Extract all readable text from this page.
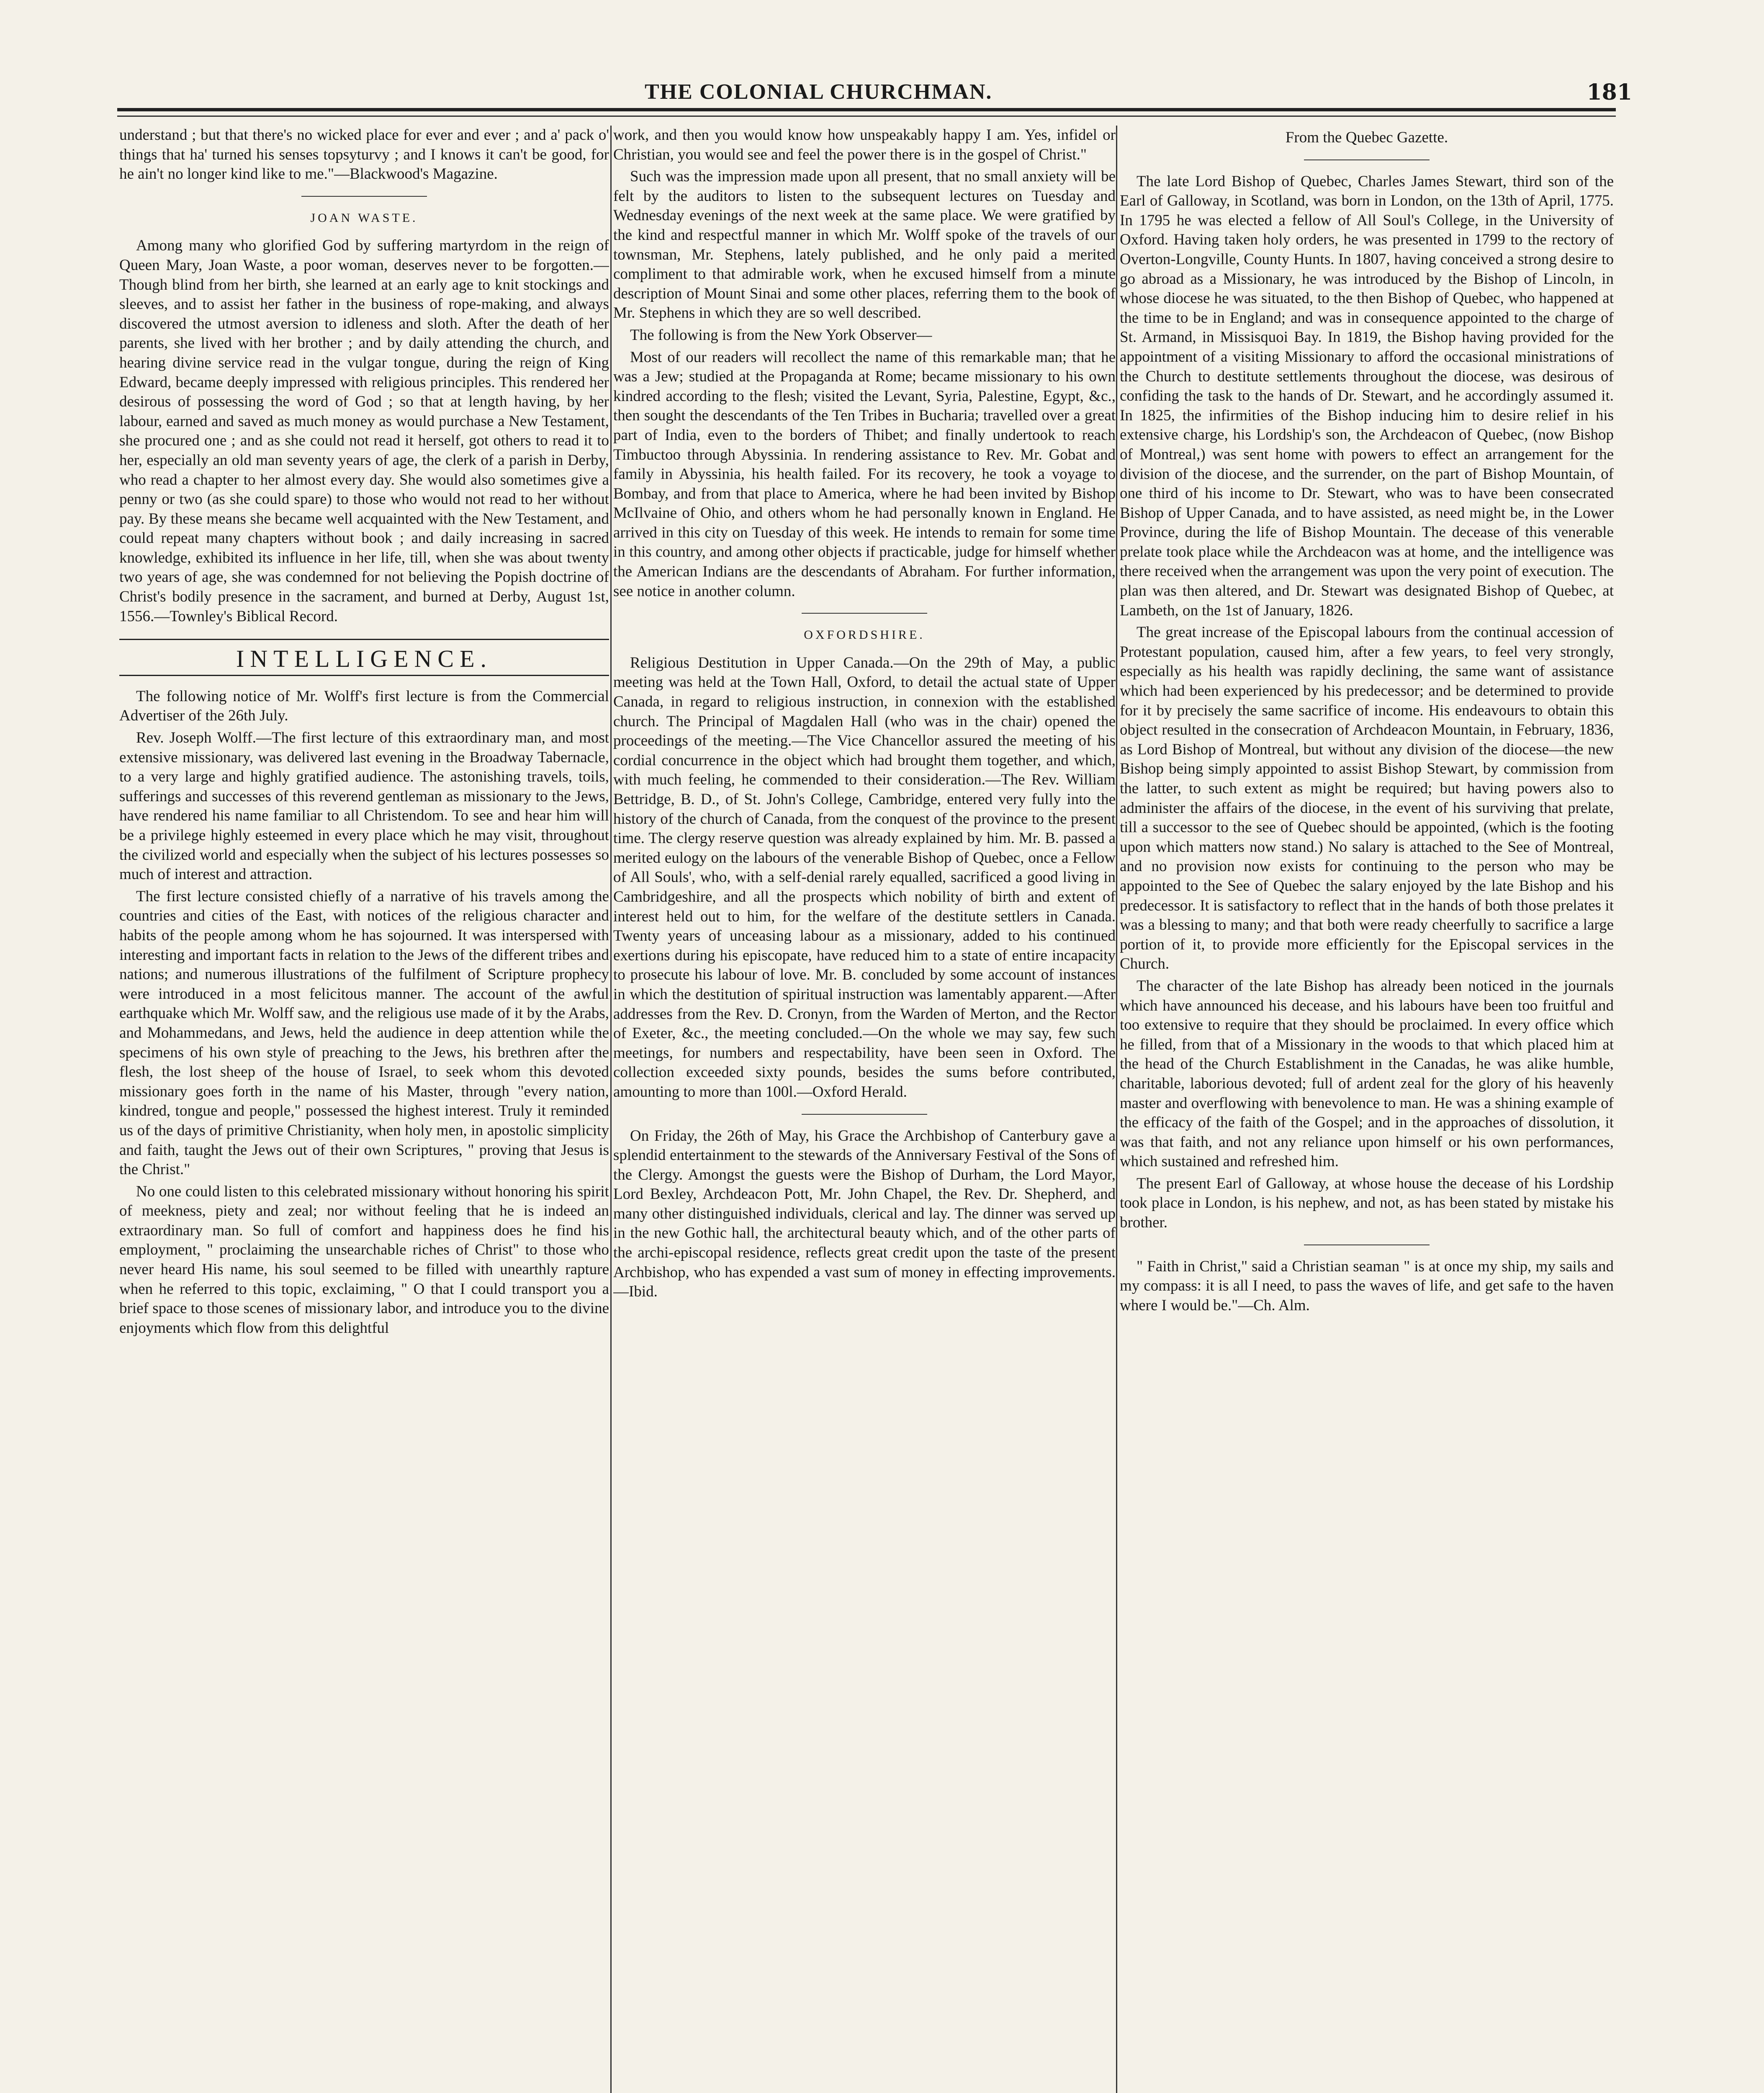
THE COLONIAL CHURCHMAN.	181

understand ; but that there's no wicked place for ever and ever ; and a' pack o' things that ha' turned his senses topsyturvy ; and I knows it can't be good, for he ain't no longer kind like to me."—Blackwood's Magazine.

JOAN WASTE.

Among many who glorified God by suffering martyrdom in the reign of Queen Mary, Joan Waste, a poor woman, deserves never to be forgotten.—Though blind from her birth, she learned at an early age to knit stockings and sleeves, and to assist her father in the business of rope-making, and always discovered the utmost aversion to idleness and sloth. After the death of her parents, she lived with her brother ; and by daily attending the church, and hearing divine service read in the vulgar tongue, during the reign of King Edward, became deeply impressed with religious principles. This rendered her desirous of possessing the word of God ; so that at length having, by her labour, earned and saved as much money as would purchase a New Testament, she procured one ; and as she could not read it herself, got others to read it to her, especially an old man seventy years of age, the clerk of a parish in Derby, who read a chapter to her almost every day. She would also sometimes give a penny or two (as she could spare) to those who would not read to her without pay. By these means she became well acquainted with the New Testament, and could repeat many chapters without book ; and daily increasing in sacred knowledge, exhibited its influence in her life, till, when she was about twenty two years of age, she was condemned for not believing the Popish doctrine of Christ's bodily presence in the sacrament, and burned at Derby, August 1st, 1556.—Townley's Biblical Record.

INTELLIGENCE.

The following notice of Mr. Wolff's first lecture is from the Commercial Advertiser of the 26th July.

Rev. Joseph Wolff.—The first lecture of this extraordinary man, and most extensive missionary, was delivered last evening in the Broadway Tabernacle, to a very large and highly gratified audience. The astonishing travels, toils, sufferings and successes of this reverend gentleman as missionary to the Jews, have rendered his name familiar to all Christendom. To see and hear him will be a privilege highly esteemed in every place which he may visit, throughout the civilized world and especially when the subject of his lectures possesses so much of interest and attraction.

The first lecture consisted chiefly of a narrative of his travels among the countries and cities of the East, with notices of the religious character and habits of the people among whom he has sojourned. It was interspersed with interesting and important facts in relation to the Jews of the different tribes and nations; and numerous illustrations of the fulfilment of Scripture prophecy were introduced in a most felicitous manner. The account of the awful earthquake which Mr. Wolff saw, and the religious use made of it by the Arabs, and Mohammedans, and Jews, held the audience in deep attention while the specimens of his own style of preaching to the Jews, his brethren after the flesh, the lost sheep of the house of Israel, to seek whom this devoted missionary goes forth in the name of his Master, through "every nation, kindred, tongue and people," possessed the highest interest. Truly it reminded us of the days of primitive Christianity, when holy men, in apostolic simplicity and faith, taught the Jews out of their own Scriptures, " proving that Jesus is the Christ."

No one could listen to this celebrated missionary without honoring his spirit of meekness, piety and zeal; nor without feeling that he is indeed an extraordinary man. So full of comfort and happiness does he find his employment, " proclaiming the unsearchable riches of Christ" to those who never heard His name, his soul seemed to be filled with unearthly rapture when he referred to this topic, exclaiming, " O that I could transport you a brief space to those scenes of missionary labor, and introduce you to the divine enjoyments which flow from this delightful

work, and then you would know how unspeakably happy I am. Yes, infidel or Christian, you would see and feel the power there is in the gospel of Christ."

Such was the impression made upon all present, that no small anxiety will be felt by the auditors to listen to the subsequent lectures on Tuesday and Wednesday evenings of the next week at the same place. We were gratified by the kind and respectful manner in which Mr. Wolff spoke of the travels of our townsman, Mr. Stephens, lately published, and he only paid a merited compliment to that admirable work, when he excused himself from a minute description of Mount Sinai and some other places, referring them to the book of Mr. Stephens in which they are so well described.

The following is from the New York Observer—

Most of our readers will recollect the name of this remarkable man; that he was a Jew; studied at the Propaganda at Rome; became missionary to his own kindred according to the flesh; visited the Levant, Syria, Palestine, Egypt, &c., then sought the descendants of the Ten Tribes in Bucharia; travelled over a great part of India, even to the borders of Thibet; and finally undertook to reach Timbuctoo through Abyssinia. In rendering assistance to Rev. Mr. Gobat and family in Abyssinia, his health failed. For its recovery, he took a voyage to Bombay, and from that place to America, where he had been invited by Bishop McIlvaine of Ohio, and others whom he had personally known in England. He arrived in this city on Tuesday of this week. He intends to remain for some time in this country, and among other objects if practicable, judge for himself whether the American Indians are the descendants of Abraham. For further information, see notice in another column.

OXFORDSHIRE.

Religious Destitution in Upper Canada.—On the 29th of May, a public meeting was held at the Town Hall, Oxford, to detail the actual state of Upper Canada, in regard to religious instruction, in connexion with the established church. The Principal of Magdalen Hall (who was in the chair) opened the proceedings of the meeting.—The Vice Chancellor assured the meeting of his cordial concurrence in the object which had brought them together, and which, with much feeling, he commended to their consideration.—The Rev. William Bettridge, B. D., of St. John's College, Cambridge, entered very fully into the history of the church of Canada, from the conquest of the province to the present time. The clergy reserve question was already explained by him. Mr. B. passed a merited eulogy on the labours of the venerable Bishop of Quebec, once a Fellow of All Souls', who, with a self-denial rarely equalled, sacrificed a good living in Cambridgeshire, and all the prospects which nobility of birth and extent of interest held out to him, for the welfare of the destitute settlers in Canada. Twenty years of unceasing labour as a missionary, added to his continued exertions during his episcopate, have reduced him to a state of entire incapacity to prosecute his labour of love. Mr. B. concluded by some account of instances in which the destitution of spiritual instruction was lamentably apparent.—After addresses from the Rev. D. Cronyn, from the Warden of Merton, and the Rector of Exeter, &c., the meeting concluded.—On the whole we may say, few such meetings, for numbers and respectability, have been seen in Oxford. The collection exceeded sixty pounds, besides the sums before contributed, amounting to more than 100l.—Oxford Herald.

On Friday, the 26th of May, his Grace the Archbishop of Canterbury gave a splendid entertainment to the stewards of the Anniversary Festival of the Sons of the Clergy. Amongst the guests were the Bishop of Durham, the Lord Mayor, Lord Bexley, Archdeacon Pott, Mr. John Chapel, the Rev. Dr. Shepherd, and many other distinguished individuals, clerical and lay. The dinner was served up in the new Gothic hall, the architectural beauty which, and of the other parts of the archi-episcopal residence, reflects great credit upon the taste of the present Archbishop, who has expended a vast sum of money in effecting improvements.—Ibid.

From the Quebec Gazette.

The late Lord Bishop of Quebec, Charles James Stewart, third son of the Earl of Galloway, in Scotland, was born in London, on the 13th of April, 1775. In 1795 he was elected a fellow of All Soul's College, in the University of Oxford. Having taken holy orders, he was presented in 1799 to the rectory of Overton-Longville, County Hunts. In 1807, having conceived a strong desire to go abroad as a Missionary, he was introduced by the Bishop of Lincoln, in whose diocese he was situated, to the then Bishop of Quebec, who happened at the time to be in England; and was in consequence appointed to the charge of St. Armand, in Missisquoi Bay. In 1819, the Bishop having provided for the appointment of a visiting Missionary to afford the occasional ministrations of the Church to destitute settlements throughout the diocese, was desirous of confiding the task to the hands of Dr. Stewart, and he accordingly assumed it. In 1825, the infirmities of the Bishop inducing him to desire relief in his extensive charge, his Lordship's son, the Archdeacon of Quebec, (now Bishop of Montreal,) was sent home with powers to effect an arrangement for the division of the diocese, and the surrender, on the part of Bishop Mountain, of one third of his income to Dr. Stewart, who was to have been consecrated Bishop of Upper Canada, and to have assisted, as need might be, in the Lower Province, during the life of Bishop Mountain. The decease of this venerable prelate took place while the Archdeacon was at home, and the intelligence was there received when the arrangement was upon the very point of execution. The plan was then altered, and Dr. Stewart was designated Bishop of Quebec, at Lambeth, on the 1st of January, 1826.

The great increase of the Episcopal labours from the continual accession of Protestant population, caused him, after a few years, to feel very strongly, especially as his health was rapidly declining, the same want of assistance which had been experienced by his predecessor; and be determined to provide for it by precisely the same sacrifice of income. His endeavours to obtain this object resulted in the consecration of Archdeacon Mountain, in February, 1836, as Lord Bishop of Montreal, but without any division of the diocese—the new Bishop being simply appointed to assist Bishop Stewart, by commission from the latter, to such extent as might be required; but having powers also to administer the affairs of the diocese, in the event of his surviving that prelate, till a successor to the see of Quebec should be appointed, (which is the footing upon which matters now stand.) No salary is attached to the See of Montreal, and no provision now exists for continuing to the person who may be appointed to the See of Quebec the salary enjoyed by the late Bishop and his predecessor. It is satisfactory to reflect that in the hands of both those prelates it was a blessing to many; and that both were ready cheerfully to sacrifice a large portion of it, to provide more efficiently for the Episcopal services in the Church.

The character of the late Bishop has already been noticed in the journals which have announced his decease, and his labours have been too fruitful and too extensive to require that they should be proclaimed. In every office which he filled, from that of a Missionary in the woods to that which placed him at the head of the Church Establishment in the Canadas, he was alike humble, charitable, laborious devoted; full of ardent zeal for the glory of his heavenly master and overflowing with benevolence to man. He was a shining example of the efficacy of the faith of the Gospel; and in the approaches of dissolution, it was that faith, and not any reliance upon himself or his own performances, which sustained and refreshed him.

The present Earl of Galloway, at whose house the decease of his Lordship took place in London, is his nephew, and not, as has been stated by mistake his brother.

" Faith in Christ," said a Christian seaman " is at once my ship, my sails and my compass: it is all I need, to pass the waves of life, and get safe to the haven where I would be."—Ch. Alm.
